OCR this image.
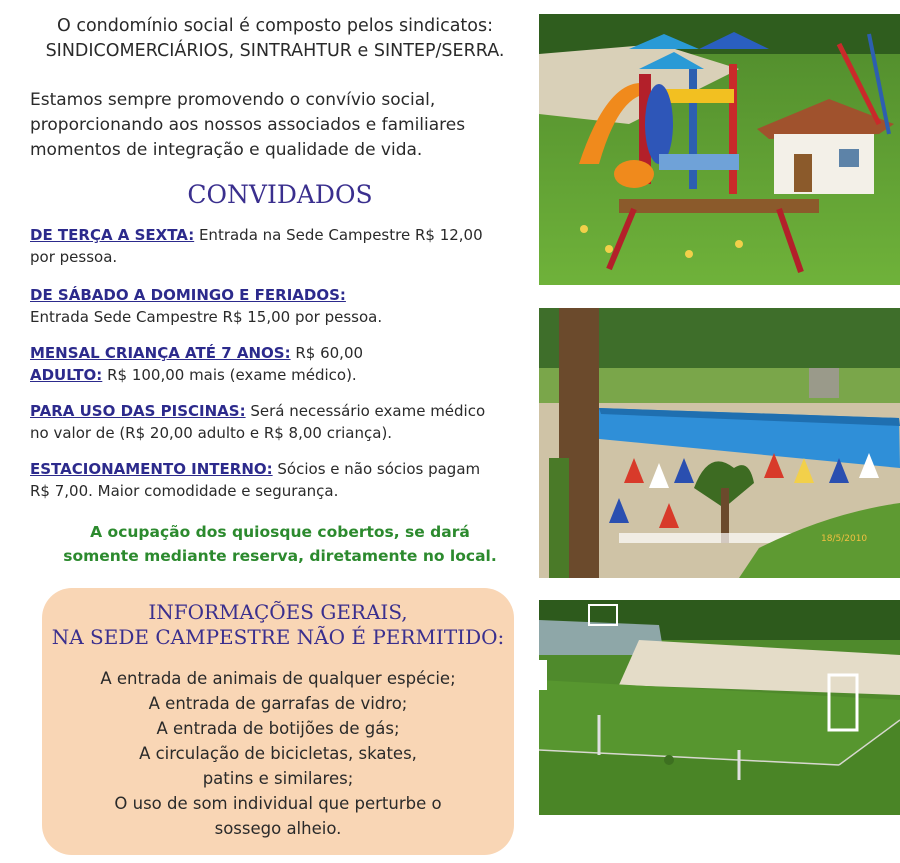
O condomínio social é composto pelos sindicatos:
SINDICOMERCIÁRIOS, SINTRAHTUR e SINTEP/SERRA.
Estamos sempre promovendo o convívio social,
proporcionando aos nossos associados e familiares
momentos de integração e qualidade de vida.
CONVIDADOS
DE TERÇA A SEXTA: Entrada na Sede Campestre R$ 12,00
por pessoa.
DE SÁBADO A DOMINGO E FERIADOS:
Entrada Sede Campestre R$ 15,00 por pessoa.
MENSAL CRIANÇA ATÉ 7 ANOS: R$ 60,00
ADULTO: R$ 100,00 mais (exame médico).
PARA USO DAS PISCINAS: Será necessário exame médico
no valor de (R$ 20,00 adulto e R$ 8,00 criança).
ESTACIONAMENTO INTERNO: Sócios e não sócios pagam
R$ 7,00. Maior comodidade e segurança.
A ocupação dos quiosque cobertos, se dará
somente mediante reserva, diretamente no local.
INFORMAÇÕES GERAIS,
NA SEDE CAMPESTRE NÃO É PERMITIDO:
A entrada de animais de qualquer espécie;
A entrada de garrafas de vidro;
A entrada de botijões de gás;
A circulação de bicicletas, skates,
patins e similares;
O uso de som individual que perturbe o
sossego alheio.
18/5/2010
